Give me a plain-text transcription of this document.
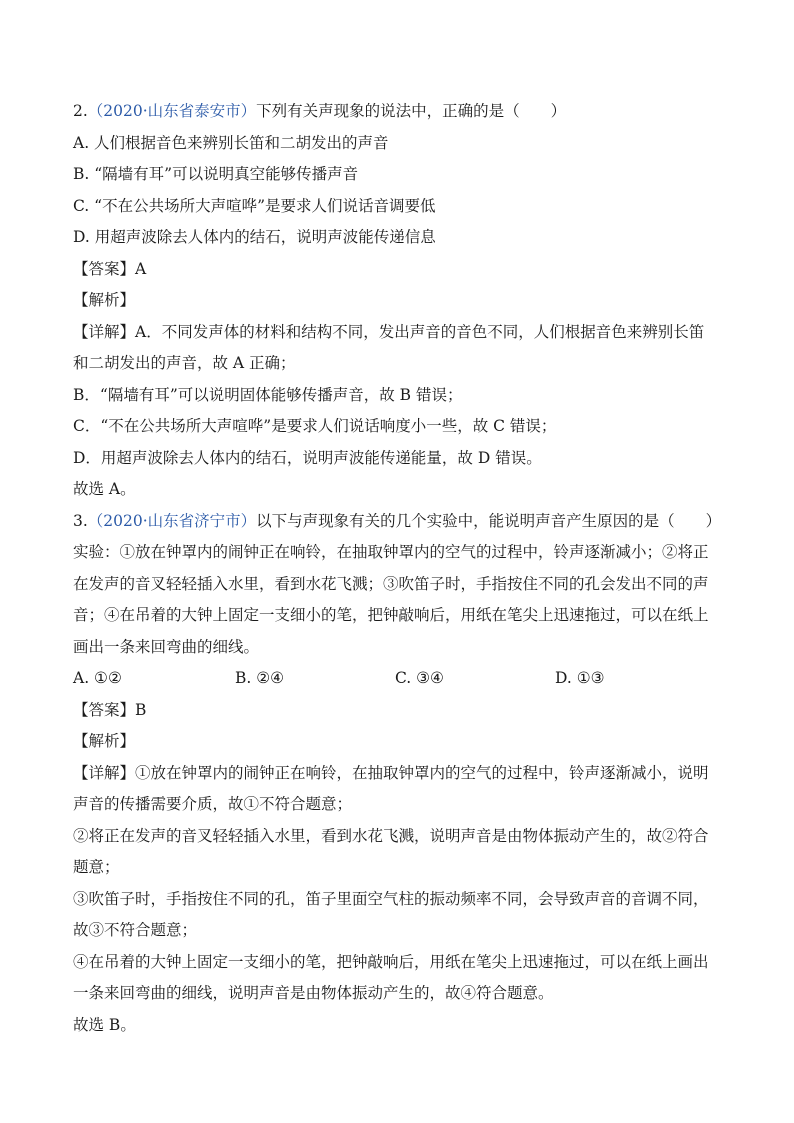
2.（2020·山东省泰安市）下列有关声现象的说法中，正确的是（　　）
A. 人们根据音色来辨别长笛和二胡发出的声音
B. “隔墙有耳”可以说明真空能够传播声音
C. “不在公共场所大声喧哗”是要求人们说话音调要低
D. 用超声波除去人体内的结石，说明声波能传递信息
【答案】A
【解析】
【详解】A．不同发声体的材料和结构不同，发出声音的音色不同，人们根据音色来辨别长笛
和二胡发出的声音，故 A 正确；
B．“隔墙有耳”可以说明固体能够传播声音，故 B 错误；
C．“不在公共场所大声喧哗”是要求人们说话响度小一些，故 C 错误；
D．用超声波除去人体内的结石，说明声波能传递能量，故 D 错误。
故选 A。
3.（2020·山东省济宁市）以下与声现象有关的几个实验中，能说明声音产生原因的是（　　）
实验：①放在钟罩内的闹钟正在响铃，在抽取钟罩内的空气的过程中，铃声逐渐减小；②将正
在发声的音叉轻轻插入水里，看到水花飞溅；③吹笛子时，手指按住不同的孔会发出不同的声
音；④在吊着的大钟上固定一支细小的笔，把钟敲响后，用纸在笔尖上迅速拖过，可以在纸上
画出一条来回弯曲的细线。
A. ①②	B. ②④	C. ③④	D. ①③
【答案】B
【解析】
【详解】①放在钟罩内的闹钟正在响铃，在抽取钟罩内的空气的过程中，铃声逐渐减小，说明
声音的传播需要介质，故①不符合题意；
②将正在发声的音叉轻轻插入水里，看到水花飞溅，说明声音是由物体振动产生的，故②符合
题意；
③吹笛子时，手指按住不同的孔，笛子里面空气柱的振动频率不同，会导致声音的音调不同，
故③不符合题意；
④在吊着的大钟上固定一支细小的笔，把钟敲响后，用纸在笔尖上迅速拖过，可以在纸上画出
一条来回弯曲的细线，说明声音是由物体振动产生的，故④符合题意。
故选 B。
